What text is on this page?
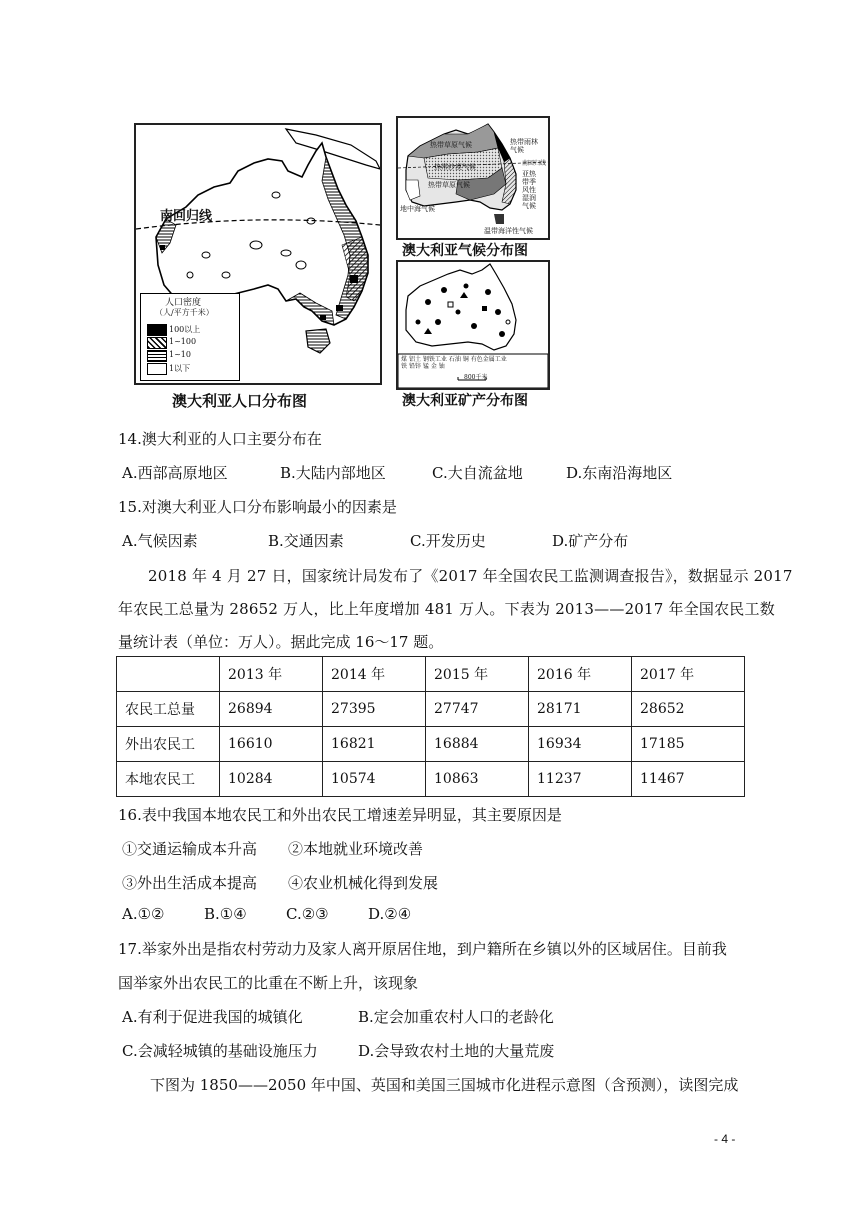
南回归线
人口密度
（人/平方千米）
100以上
1~100
1~10
1以下
澳大利亚人口分布图
热带草原气候	热带雨林气候
热带沙漠气候	南回归线
热带草原气候
亚热带季风性湿润气候
地中海气候
温带海洋性气候
澳大利亚气候分布图
煤 铝土 钢铁工业 石油 铜 有色金属工业 铁 铅锌 锰 金 铀
800千米
澳大利亚矿产分布图
14.澳大利亚的人口主要分布在
A.西部高原地区	B.大陆内部地区	C.大自流盆地	D.东南沿海地区
15.对澳大利亚人口分布影响最小的因素是
A.气候因素	B.交通因素	C.开发历史	D.矿产分布
2018 年 4 月 27 日，国家统计局发布了《2017 年全国农民工监测调查报告》，数据显示 2017
年农民工总量为 28652 万人，比上年度增加 481 万人。下表为 2013——2017 年全国农民工数
量统计表（单位：万人）。据此完成 16～17 题。
	2013 年	2014 年	2015 年	2016 年	2017 年
农民工总量	26894	27395	27747	28171	28652
外出农民工	16610	16821	16884	16934	17185
本地农民工	10284	10574	10863	11237	11467
16.表中我国本地农民工和外出农民工增速差异明显，其主要原因是
①交通运输成本升高 ②本地就业环境改善
③外出生活成本提高 ④农业机械化得到发展
A.①②	B.①④	C.②③	D.②④
17.举家外出是指农村劳动力及家人离开原居住地，到户籍所在乡镇以外的区域居住。目前我
国举家外出农民工的比重在不断上升，该现象
A.有利于促进我国的城镇化	B.定会加重农村人口的老龄化
C.会减轻城镇的基础设施压力	D.会导致农村土地的大量荒废
下图为 1850——2050 年中国、英国和美国三国城市化进程示意图（含预测），读图完成
- 4 -
